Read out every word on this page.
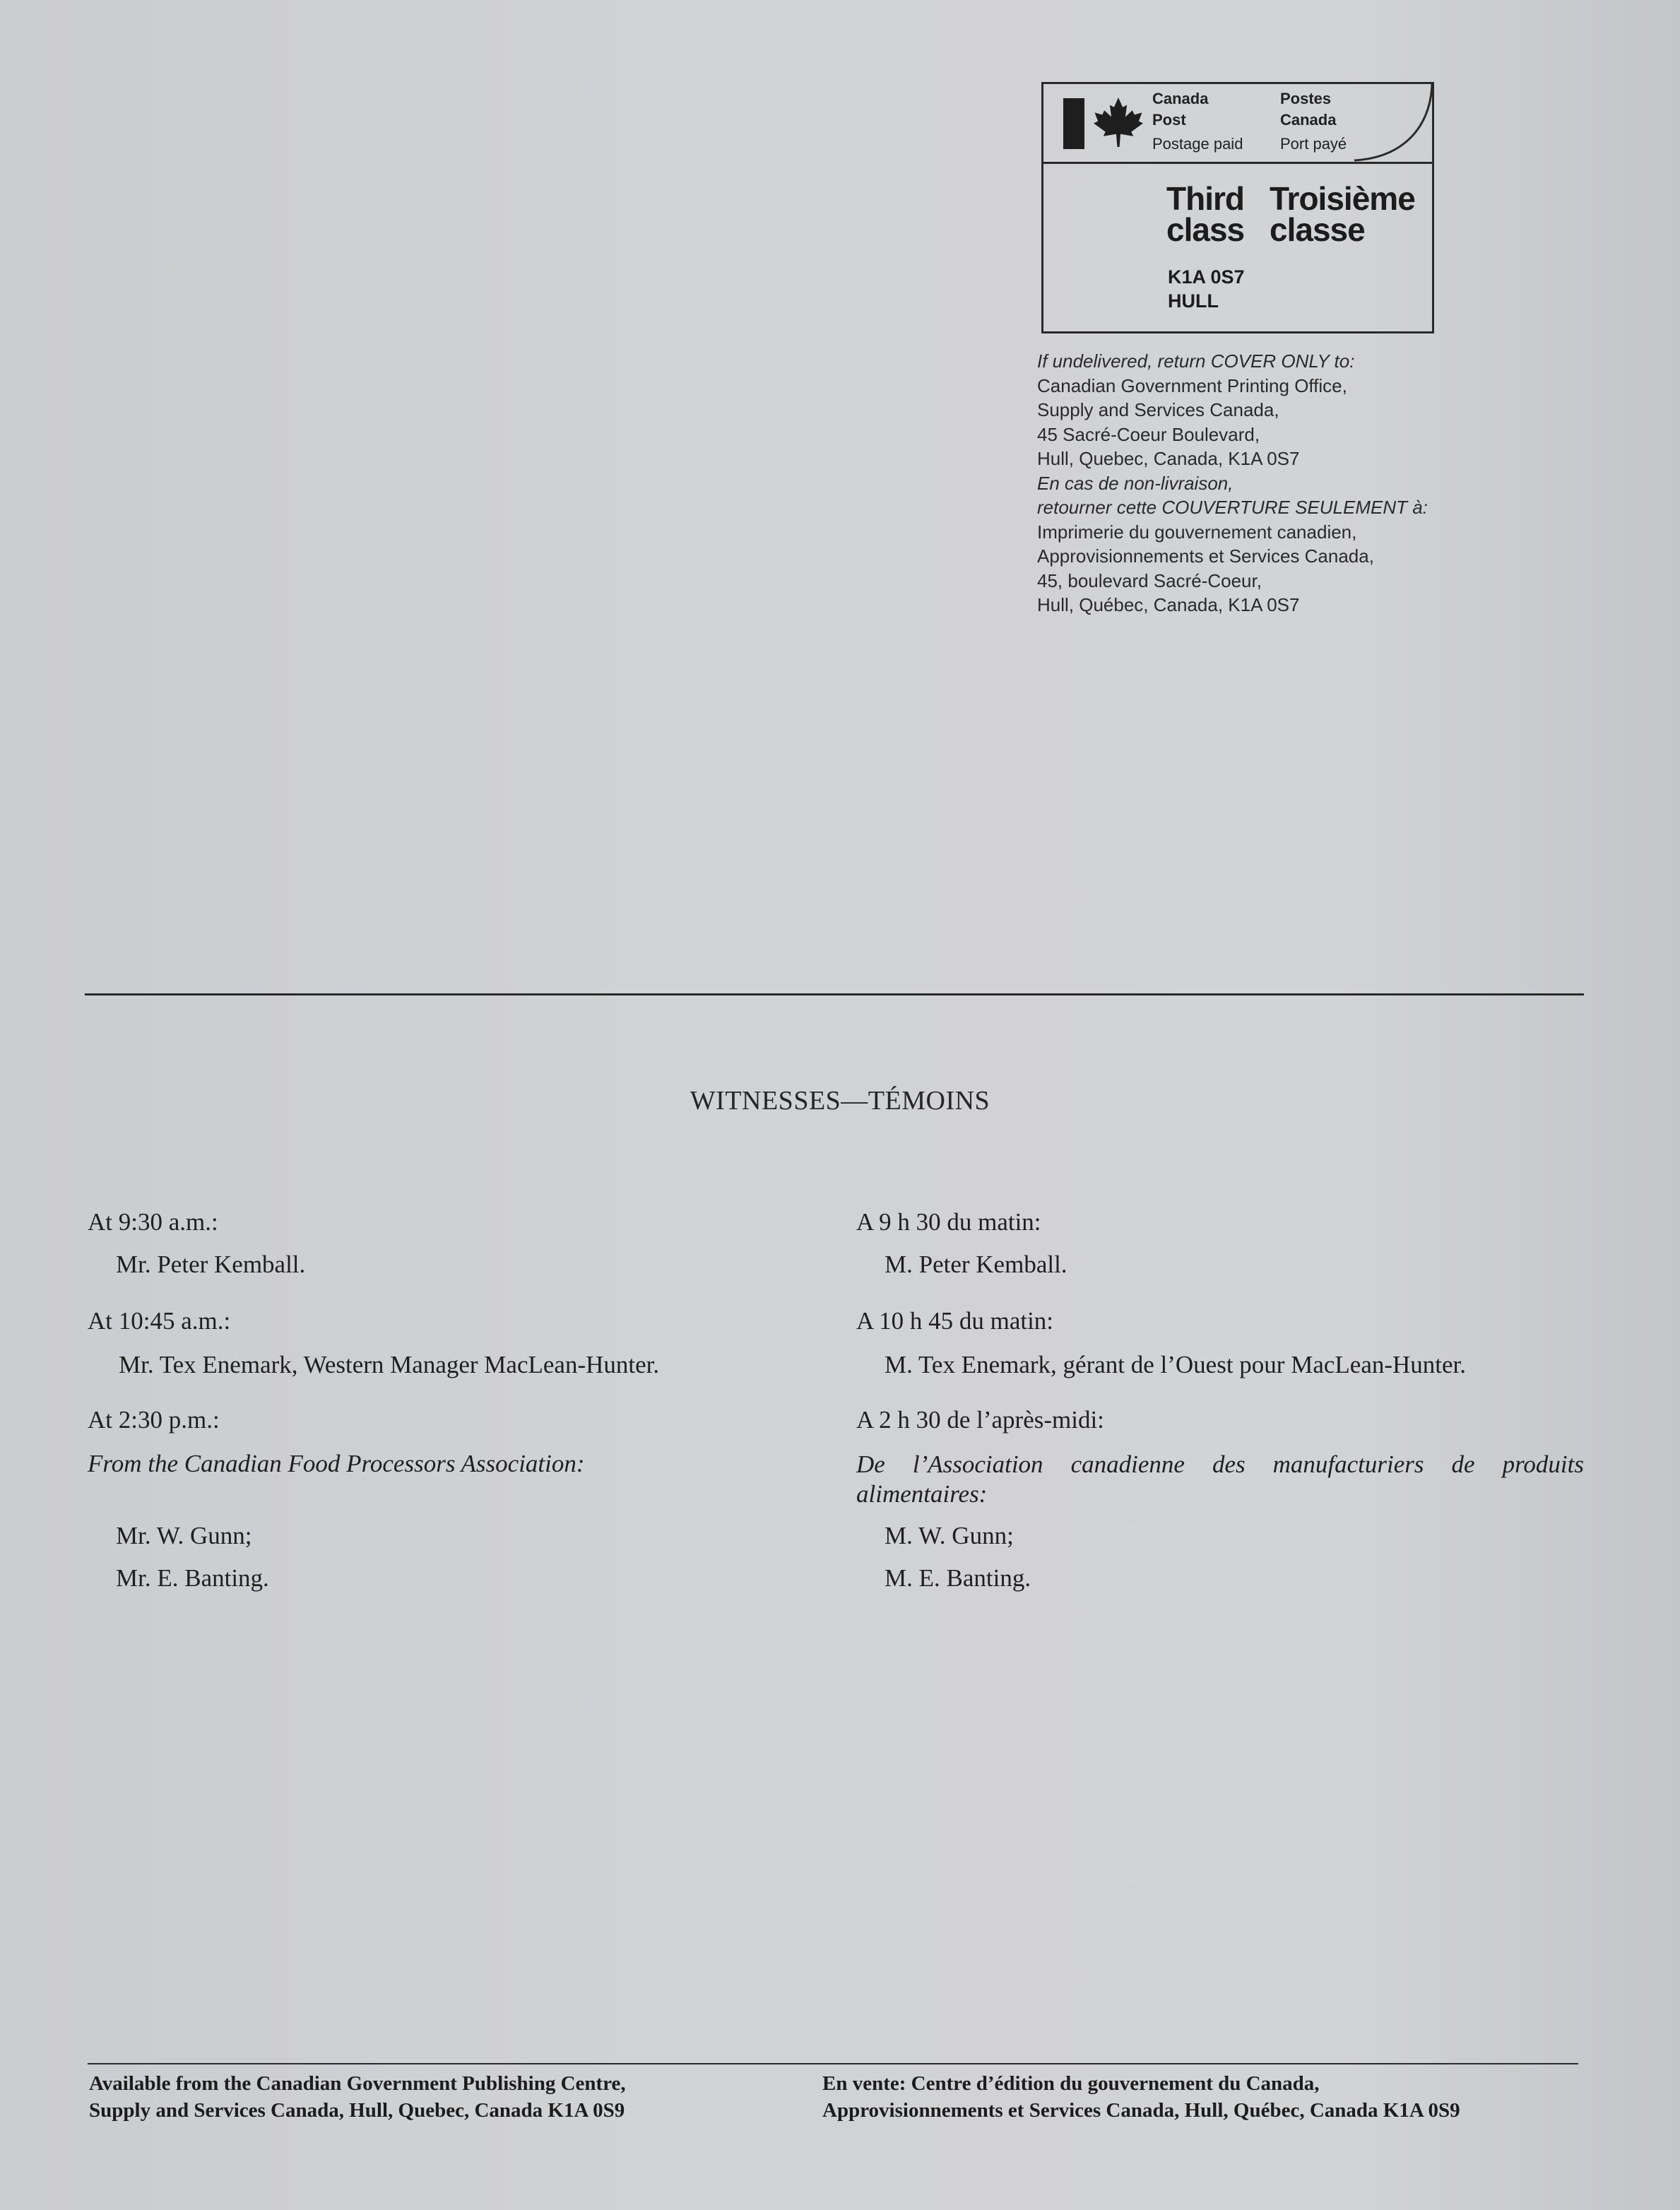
Canada
Post
Postage paid
Postes
Canada
Port payé
Third
class
Troisième
classe
K1A 0S7
HULL
If undelivered, return COVER ONLY to:
Canadian Government Printing Office,
Supply and Services Canada,
45 Sacré-Coeur Boulevard,
Hull, Quebec, Canada, K1A 0S7
En cas de non-livraison,
retourner cette COUVERTURE SEULEMENT à:
Imprimerie du gouvernement canadien,
Approvisionnements et Services Canada,
45, boulevard Sacré-Coeur,
Hull, Québec, Canada, K1A 0S7
WITNESSES—TÉMOINS
At 9:30 a.m.:
Mr. Peter Kemball.
At 10:45 a.m.:
Mr. Tex Enemark, Western Manager MacLean-Hunter.
At 2:30 p.m.:
From the Canadian Food Processors Association:
Mr. W. Gunn;
Mr. E. Banting.
A 9 h 30 du matin:
M. Peter Kemball.
A 10 h 45 du matin:
M. Tex Enemark, gérant de l’Ouest pour MacLean-Hunter.
A 2 h 30 de l’après-midi:
De l’Association canadienne des manufacturiers de produits alimentaires:
M. W. Gunn;
M. E. Banting.
Available from the Canadian Government Publishing Centre,
Supply and Services Canada, Hull, Quebec, Canada K1A 0S9
En vente: Centre d’édition du gouvernement du Canada,
Approvisionnements et Services Canada, Hull, Québec, Canada K1A 0S9
